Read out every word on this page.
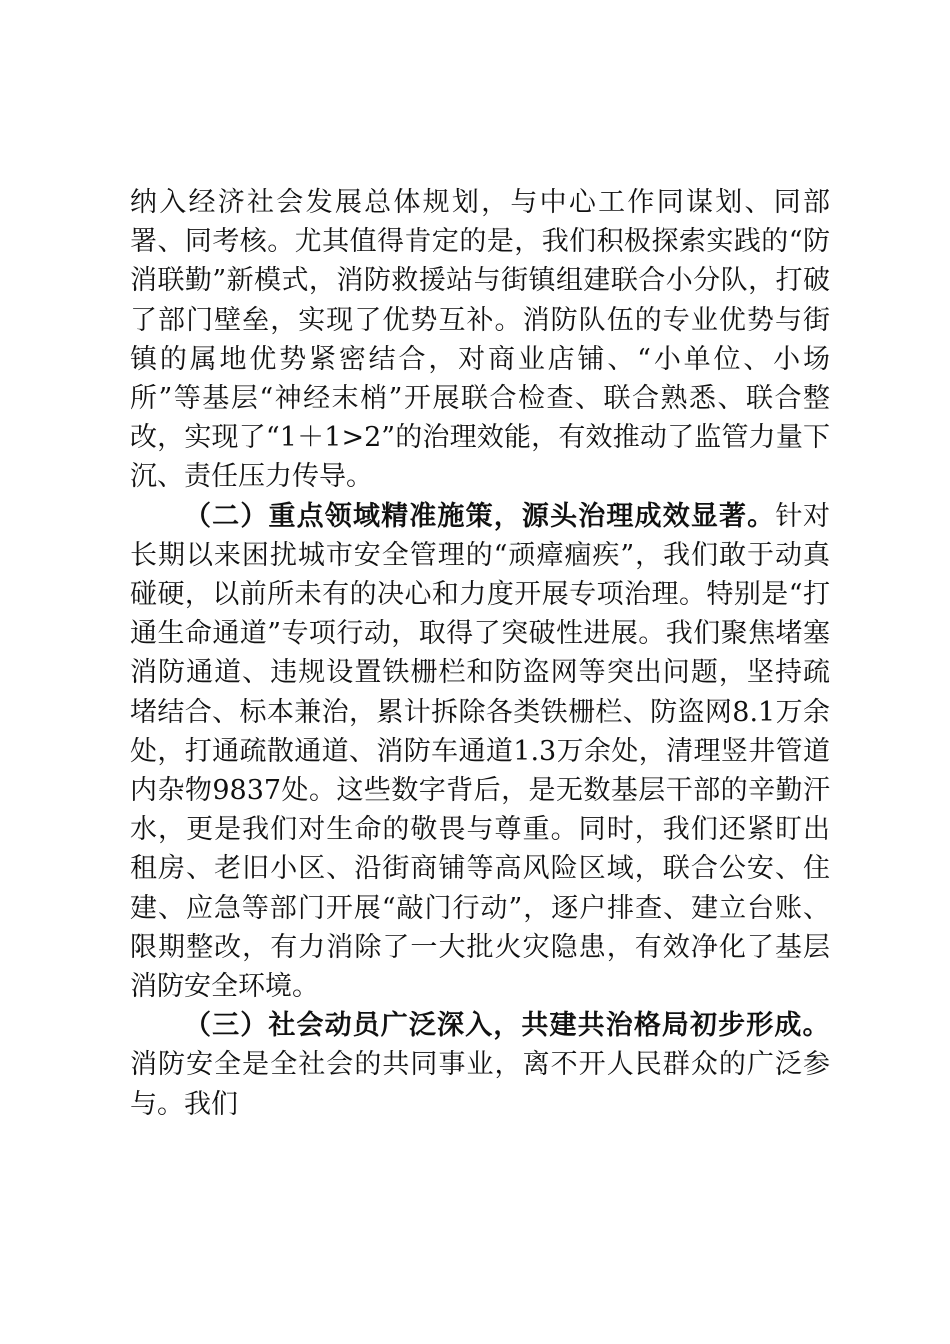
纳入经济社会发展总体规划，与中心工作同谋划、同部署、同考核。尤其值得肯定的是，我们积极探索实践的“防消联勤”新模式，消防救援站与街镇组建联合小分队，打破了部门壁垒，实现了优势互补。消防队伍的专业优势与街镇的属地优势紧密结合，对商业店铺、“小单位、小场所”等基层“神经末梢”开展联合检查、联合熟悉、联合整改，实现了“1＋1>2”的治理效能，有效推动了监管力量下沉、责任压力传导。

（二）重点领域精准施策，源头治理成效显著。针对长期以来困扰城市安全管理的“顽瘴痼疾”，我们敢于动真碰硬，以前所未有的决心和力度开展专项治理。特别是“打通生命通道”专项行动，取得了突破性进展。我们聚焦堵塞消防通道、违规设置铁栅栏和防盗网等突出问题，坚持疏堵结合、标本兼治，累计拆除各类铁栅栏、防盗网8.1万余处，打通疏散通道、消防车通道1.3万余处，清理竖井管道内杂物9837处。这些数字背后，是无数基层干部的辛勤汗水，更是我们对生命的敬畏与尊重。同时，我们还紧盯出租房、老旧小区、沿街商铺等高风险区域，联合公安、住建、应急等部门开展“敲门行动”，逐户排查、建立台账、限期整改，有力消除了一大批火灾隐患，有效净化了基层消防安全环境。

（三）社会动员广泛深入，共建共治格局初步形成。消防安全是全社会的共同事业，离不开人民群众的广泛参与。我们
